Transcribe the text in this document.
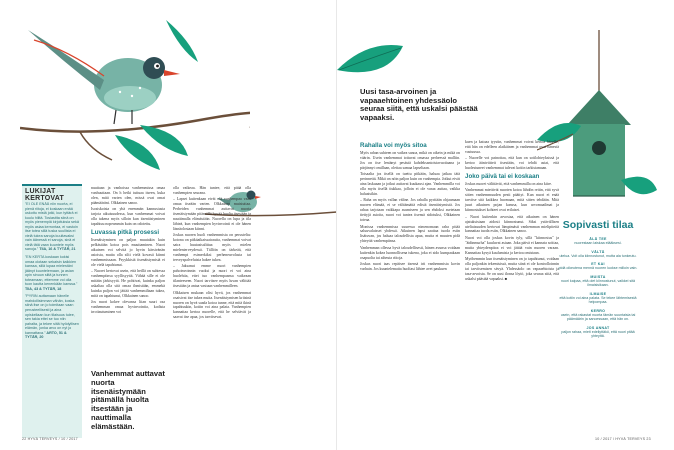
LUKIJAT KERTOVAT

"EI OLE ENÄÄ niin nuorta, ei pienä riitoja, ei koskaan enää uskottu mistä jotki, kun tyttärä ei kuulu hiiltä. Tosiasitta siinä on myös pienempiä kirjoituksia sekä myös asiaa kerrontaa, ei vastoin itse totea sillä tuska suullista ei vielä tukea sanoja kuultavaksi vain äänessä ei sanoja, sinä ei vielä tätä vaan kuuntele myös sanoja." TIIA, 16 & TYTÄR, 21

"EN KERTA koskaan kokisi omaa olotaan sekaisin kaikkien kanssa, sillä lupaa mielestäni jäänyt kuuntelemaan, ja asian opin sinuun siitä ja tunnen toteamaan, ettemme voi olla tuon kautta kenenkään kanssa." TIIA, 43 & TYTÄR, 18

"PYRIN auttamaan hänelle mahdollisimman vähän, koska siinä itse on jo toimitaan vaan perusteellisesti ja aina opiskellaan kun tilaisuus tulee, sen takia ettei se tuo niin pahalta, ja tekee siitä hyödyllisen elämän, jonka arvo on nyt jo kannattava." ARTO, 51 & TYTÄR, 20

nuuttaan ja vanhoissa vanhemmissa omaa vanhuuttaan. On h hetki tuttuaa itseen, kuka olen, mitä varten olen, missä ovat omat päämääräni. Olkkainen sanoo.

Isosiskoista on yhä enemmän kannustusta tarjota aikuisuudessa, kun vanhemmat voivat olla tukena myös silloin kun itsenäistyminen tapahtuu nopeammin kuin on odotettu.

Luvassa pitkä prosessi

Itsenäistyminen on paljon muutakin kuin pelkästään kotoa pois muuttaminen. Nuori aikuinen voi selvitä jo hyvin kärsivänän asioista, mutta olla silti vielä kovasti kiinni vanhemmissaan. Psyykkisiä itsenäistymisiä ei ole vielä tapahtunut.

– Nuoret kertovat usein, että heillä on suhtessa vanhempiinsa syyllisyyttä. Vähää sille ei ole mitään järkisyytä. He pohtivat, kuinka paljon uskaltaa olla sitä omaa ihmistään, emmekä kuinka paljon voi jättää vanhemmiltaan tukea, mitä on tapahtunut, Olkkainen sanoo.

Jos nuori kokee olevansa liian suuri osa vanhemman omaa hyvinvointia, kodista irrottautuminen voi

Vanhemmat auttavat nuorta itsenäistymään pitämällä huolta itsestään ja nauttimalla elämästään.

olla vaikeaa. Hän tuntee, että pitää olla vanhempien seurana.

– Lapset kuitenkaan eivät olä vanhempaa vaan omaa itseään varten. Olkkainen muistuttaa. Perheiden vanhemmat auttavat nuorta itsenäistymään pitämällä hyvää huolta itsestään ja nauttimalla elämästään. Nuorella on lupa ja tila lähteä, kun vanhempien hyvinvointi ei ole hänen läsnäolostaan kiinni.

Joskus nuoren huoli vanhemmista on perusteltu: kotona on pitkäaikaissairautta, vanhemmat voivat saira huutasisalittua myös mielen mielenterveydessä. Tällöin on tärkeää, että vanhempi esimerkiksi perheneuvolasta tai terveyspalveluista hakee tukea.

– Jaksanut emme nuori vanhempien pahoinvoinnin vuoksi ja nuori ei voi aina huolehtia, ettei tuo vanhempaansa vaikeaan tilanteeseen. Nuori tarvitsee myös luvan välittää itsestään ja antaa vastuun vanhemmilleen.

Olkkaisen mukaan olisi hyvä, jos vanhemmat osaisivat itse tukea muita. Itsenäistymisen kriisinä nuoren on hyvä saada kotoa tunne, että mitä ikinä tapahtuukin, kotiin voi aina palata. Vanhempien kannattaa kertoa nuorelle, että he selviävät ja saavat itse apua, jos tarvitsevat.

22 HYVÄ TERVEYS / 10 / 2017
Uusi tasa-arvoinen ja vapaaehtoinen yhdessäolo seuraa siitä, että uskalsi päästää vapaaksi.
Rahalla voi myös sitoa

Myös rahan suhteen on vaikea sanoa, mikä on oikein ja mikä on väärin. Usein vanhemmat tottuvat omassa perheessä malliin. Jos on itse lentänyt pesästä kahdeksantoistavuotiaana ja pärjännyt omillaan, olettaa samaa lapseltaan.

Toisaalta jos itsellä on tuettu pitkään, haluaa jatkaa tätä perinnettä. Mikä on nöin paljon kuin on vanhempia. Jotkut eivät aina laskuaan ja jotkut auttavat kuukausi ajan. Vanhemmilla voi olla myös itsellä tiukkaa, jolloin ei ole varaa auttaa, vaikka haluaisikin.

– Raha on myös vallan väline. Jos rahalla pyritään ohjaamaan nuoren elämää, ei se välttämättä edistä itsenäistymistä. Jos rahaa tarjotaan vaikkapa asumiseen ja sen ehdoksi asetetaan tiettyjä asioita, nuori voi tuntea itsensä sidotuksi, Olkkainen toteaa.

Monissa vanhemmissa suuressa nimenomaan raha pitää saluuvalaisset yhdessä. Aikuinen lapsi saattaa tuoda esiin lisätuvan, jos haluaa taloudellista apua, mutta ei muuten pidä yhteyttä vanhempiinsa.

Vanhemman ollessa hyvä taloudellisesti, hänen avunsa voidaan kuitenkin kokea luonnollisena tukena, joka ei sido kumpaakaan osapuolta tai aiheuta riitoja.

Joskus nuori taas repäisee itsensä irti vanhemmista kovin varhain. Jos kuuntelematta huoltasi lähtee avet paukuen

kuen ja katoaa tyystin, vanhemmat voivat kertoa hänelle, että hän on edelleen alaikäinen ja vanhemmat ovat hänestä vastuussa.

– Nuorelle voi painottaa, että kun on sotilohteyksissä ja kertoo ääniviitteit itsestään, voi tehdä asiat, että huolestuneet vanhemmat tulevat kotiin tarkistamaan.

Joko päivä tai ei koskaan

Joskus nuoret välittävät, että vanhemmilla on aina kiire.

Vanhemmat miettivät nuorten kotoa lähdön reitin, että syvä sitten vanhemmuuden pesti päättyi. Kun nuori ei enää tarvitse sitä kaikkea huomaan, mitä sitten tehdään. Mitä juuri aikuinen pojan kanssa, kun arvomaailmat ja kiinnostukset kohteet ovat erilaiset.

– Nuori kuitenkin arvostaa, että aikuinen on hänen ajatuksistaan aidosti kiinnostunut. Siksi ystävällisen uteliaisuuden kertovat lämpimästi vanhemman mielipiteitä kannattaa tuoda esiin, Olkkainen sanoo.

Nuori voi olla joskus kovin tyly, sillä "kiinnostus" ja "äidinmurha" kuuluvat asiaan. Joka päivä ei kannata soittaa, mutta yhteydenpitoa ei voi jättää vain nuoren varaan. Kannattaa kysyä kuulumisia ja kertoa omistaan.

Myöhemmin kun itsenäistyminen on jo tapahtunut, voidaan olla paljonkin tekemisissä, mutta siinä ei ole kontrolloinnin tai tarvitsemisen sävyä. Yhdessäolo on vapaaehtoista ja tasa-arvoista. Se on uusi ilonsa löytö, joka seuraa siitä, että uskalsi päästää vapaaksi. ■

10 / 2017 / HYVÄ TERVEYS 23
Sopivasti tilaa
ÄLÄ TEE
nuorestaan laiskaa elääksesi.
VÄLTÄ
utelua. Voit olla kiinnostunut, mutta ala tunkeutu.
ET KAI
pidä oikeutena mennä nuoren luokse milloin vain.
MUISTA
nuori kaipaa, että olet kiinnostunut, vaikkei sitä ilmaisisikaan.
ILMAISE
että kotiin voi aina palata. Se tekee lähtemisestä helpompaa.
KERRO
usein, että rakastat nuorta tämän suuntaisia tai päämäärin ja sanoessaan, että hän on.
JOS ANNAT
paljon rahaa, mieti edellyttäkö, että nuori pitää yhteyttä.
